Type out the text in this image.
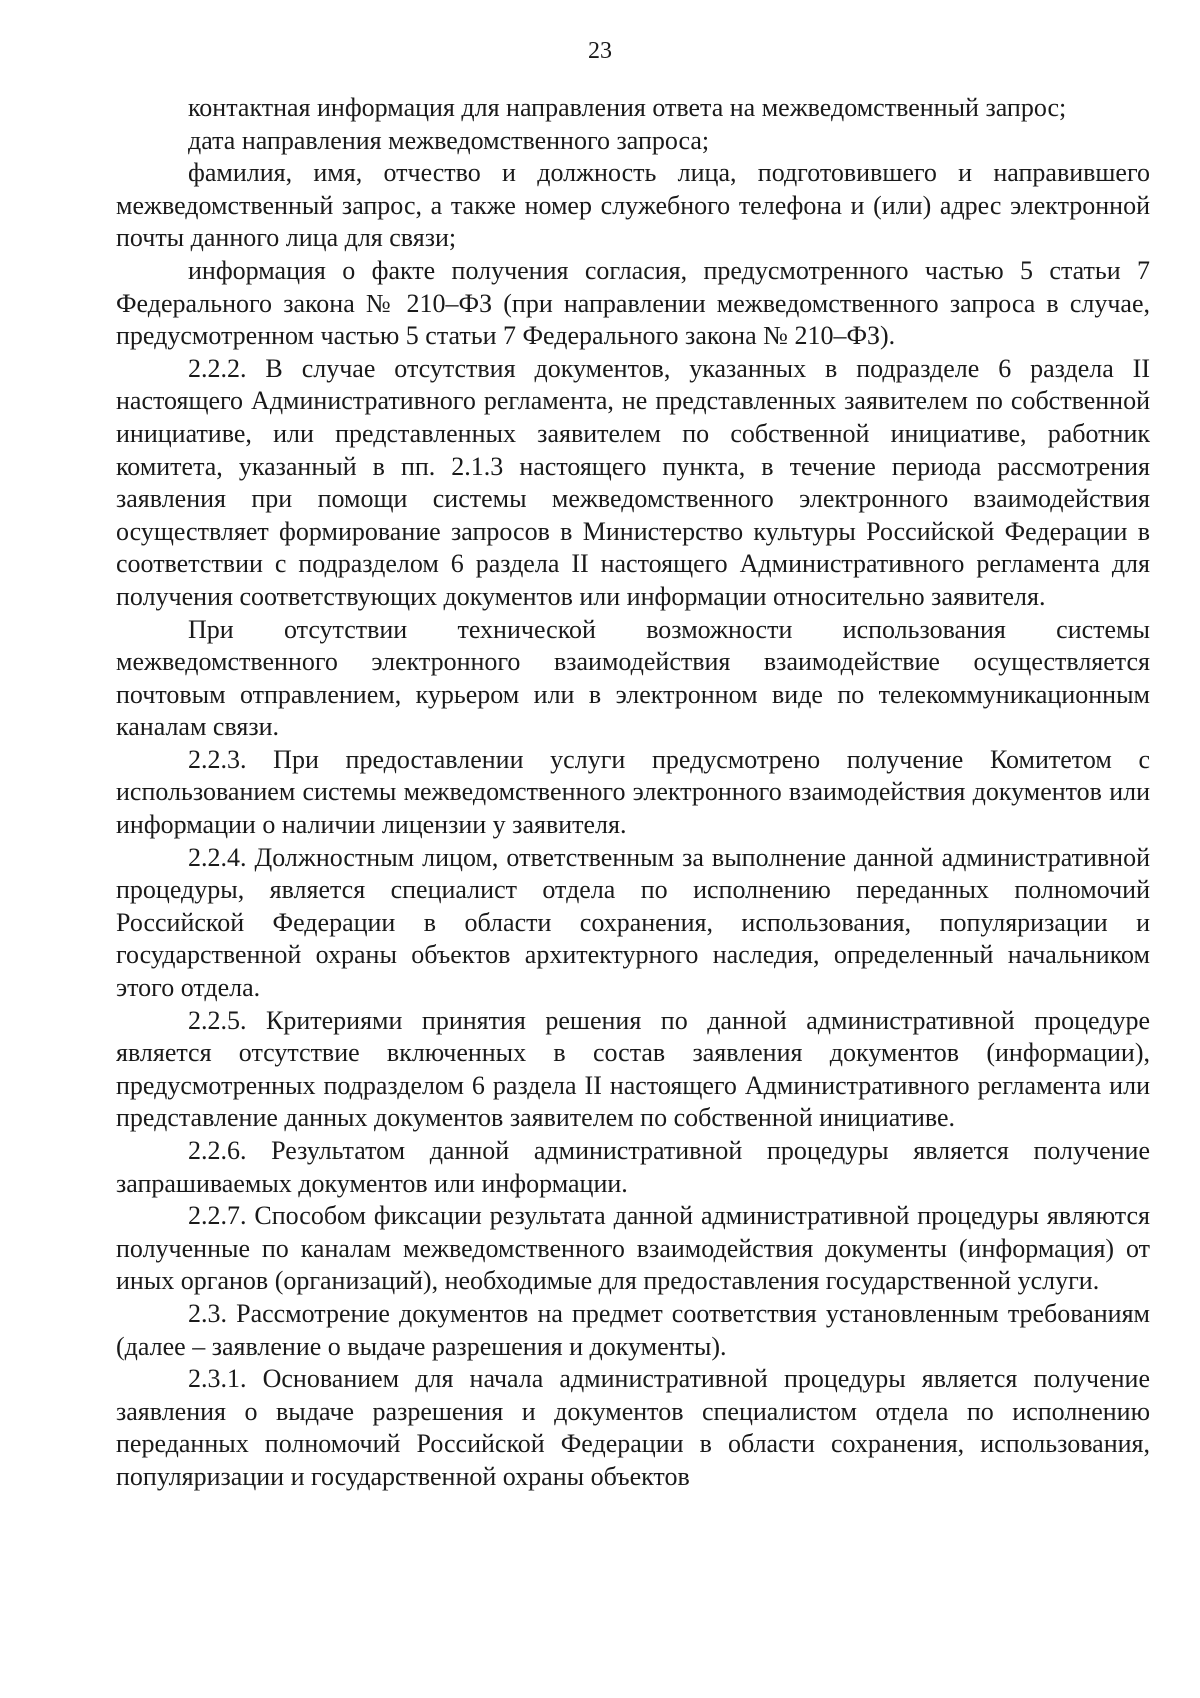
23

контактная информация для направления ответа на межведомственный запрос;

дата направления межведомственного запроса;

фамилия, имя, отчество и должность лица, подготовившего и направившего межведомственный запрос, а также номер служебного телефона и (или) адрес электронной почты данного лица для связи;

информация о факте получения согласия, предусмотренного частью 5 статьи 7 Федерального закона № 210–ФЗ (при направлении межведомственного запроса в случае, предусмотренном частью 5 статьи 7 Федерального закона № 210–ФЗ).

2.2.2. В случае отсутствия документов, указанных в подразделе 6 раздела II настоящего Административного регламента, не представленных заявителем по собственной инициативе, или представленных заявителем по собственной инициативе, работник комитета, указанный в пп. 2.1.3 настоящего пункта, в течение периода рассмотрения заявления при помощи системы межведомственного электронного взаимодействия осуществляет формирование запросов в Министерство культуры Российской Федерации в соответствии с подразделом 6 раздела II настоящего Административного регламента для получения соответствующих документов или информации относительно заявителя.

При отсутствии технической возможности использования системы межведомственного электронного взаимодействия взаимодействие осуществляется почтовым отправлением, курьером или в электронном виде по телекоммуникационным каналам связи.

2.2.3. При предоставлении услуги предусмотрено получение Комитетом с использованием системы межведомственного электронного взаимодействия документов или информации о наличии лицензии у заявителя.

2.2.4. Должностным лицом, ответственным за выполнение данной административной процедуры, является специалист отдела по исполнению переданных полномочий Российской Федерации в области сохранения, использования, популяризации и государственной охраны объектов архитектурного наследия, определенный начальником этого отдела.

2.2.5. Критериями принятия решения по данной административной процедуре является отсутствие включенных в состав заявления документов (информации), предусмотренных подразделом 6 раздела II настоящего Административного регламента или представление данных документов заявителем по собственной инициативе.

2.2.6. Результатом данной административной процедуры является получение запрашиваемых документов или информации.

2.2.7. Способом фиксации результата данной административной процедуры являются полученные по каналам межведомственного взаимодействия документы (информация) от иных органов (организаций), необходимые для предоставления государственной услуги.

2.3. Рассмотрение документов на предмет соответствия установленным требованиям (далее – заявление о выдаче разрешения и документы).

2.3.1. Основанием для начала административной процедуры является получение заявления о выдаче разрешения и документов специалистом отдела по исполнению переданных полномочий Российской Федерации в области сохранения, использования, популяризации и государственной охраны объектов
